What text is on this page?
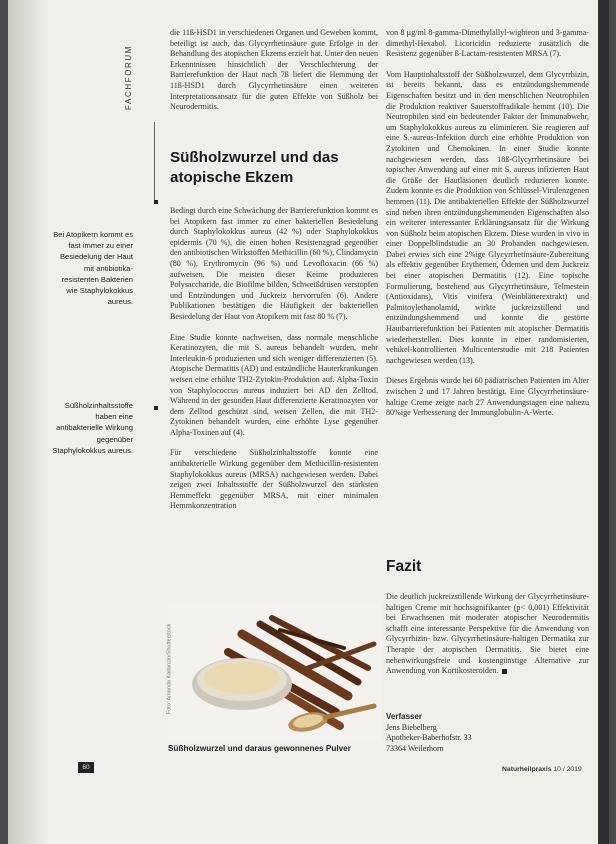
FACHFORUM
Bei Atopikern kommt es fast immer zu einer Besiedelung der Haut mit antibiotika-resistenten Bakterien wie Staphylokokkus aureus.
Süßholzinhaltsstoffe haben eine antibakterielle Wirkung gegenüber Staphylokokkus aureus.

die 11ß-HSD1 in verschiedenen Organen und Geweben kommt, beteiligt ist auch, das Glycyrrhetinsäure gute Erfolge in der Behandlung des atopischen Ekzems erzielt hat. Unter den neuen Erkenntnissen hinsichtlich der Verschlechterung der Barrierefunktion der Haut nach 7ß liefert die Hemmung der 11ß-HSD1 durch Glycyrrhetinsäure einen weiteren Interpretationsansatz für die guten Effekte von Süßholz bei Neurodermitis.

Süßholzwurzel und das atopische Ekzem

Bedingt durch eine Schwächung der Barrierefunktion kommt es bei Atopikern fast immer zu einer bakteriellen Besiedelung durch Staphylokokkus aureus (42 %) oder Staphylokokkus epidermis (70 %), die einen hohen Resistenzgrad gegenüber den antibiotischen Wirkstoffen Methicillin (60 %), Clindamycin (80 %), Erythromycin (96 %) und Levofloxacin (66 %) aufweisen. Die meisten dieser Keime produzieren Polysaccharide, die Biofilme bilden, Schweißdrüsen verstopfen und Entzündungen und Juckreiz hervorrufen (6). Andere Publikationen bestätigen die Häufigkeit der bakteriellen Besiedelung der Haut von Atopikern mit fast 80 % (7).

Eine Studie konnte nachweisen, dass normale menschliche Keratinozyten, die mit S. aureus behandelt wurden, mehr Interleukin-6 produzierten und sich weniger differenzierten (5). Atopische Dermatitis (AD) und entzündliche Hauterkrankungen weisen eine erhöhte TH2-Zytokin-Produktion auf. Alpha-Toxin von Staphylococcus aureus induziert bei AD den Zelltod. Während in der gesunden Haut differenzierte Keratinozyten vor dem Zelltod geschützt sind, weisen Zellen, die mit TH2-Zytokinen behandelt wurden, eine erhöhte Lyse gegenüber Alpha-Toxinen auf (4).

Für verschiedene Süßholzinhaltsstoffe konnte eine antibakterielle Wirkung gegenüber dem Methicillin-resistenten Staphylokokkus aureus (MRSA) nachgewiesen werden. Dabei zeigen zwei Inhaltsstoffe der Süßholzwurzel den stärksten Hemmeffekt gegenüber MRSA, mit einer minimalen Hemmkonzentration

Foto: Amanda Kaitanzin/Shutterstock
Süßholzwurzel und daraus gewonnenes Pulver

von 8 µg/ml 8-gamma-Dimethylallyl-wighteon und 3-gamma-dimethyl-Hexabol. Licoricidin reduzierte zusätzlich die Resistenz gegenüber ß-Lactam-resistenten MRSA (7).

Vom Hauptinhaltsstoff der Süßholzwurzel, dem Glycyrrhizin, ist bereits bekannt, dass es entzündungshemmende Eigenschaften besitzt und in den menschlichen Neutrophilen die Produktion reaktiver Sauerstoffradikale hemmt (10). Die Neutrophilen sind ein bedeutender Faktor der Immunabwehr, um Staphylokokkus aureus zu eliminieren. Sie reagieren auf eine S.-aureus-Infektion durch eine erhöhte Produktion von Zytokinen und Chemokinen. In einer Studie konnte nachgewiesen werden, dass 18ß-Glycyrrhetinsäure bei topischer Anwendung auf einer mit S. aureus infizierten Haut die Größe der Hautläsionen deutlich reduzieren konnte. Zudem konnte es die Produktion von Schlüssel-Virulenzgenen hemmen (11). Die antibakteriellen Effekte der Süßholzwurzel sind neben ihren entzündungshemmenden Eigenschaften also ein weiterer interessanter Erklärungsansatz für die Wirkung von Süßholz beim atopischen Ekzem. Diese wurden in vivo in einer Doppelblindstudie an 30 Probanden nachgewiesen. Dabei erwies sich eine 2%ige Glycyrrhetinsäure-Zubereitung als effektiv gegenüber Erythemen, Ödemen und dem Juckreiz bei einer atopischen Dermatitis (12). Eine topische Formulierung, bestehend aus Glycyrrhetinsäure, Telmestein (Antioxidans), Vitis vinifera (Weinblätterextrakt) und Palmitoylethanolamid, wirkte juckreizstillend und entzündungshemmend und konnte die gestörte Hautbarrierefunktion bei Patienten mit atopischer Dermatitis wiederherstellen. Dies konnte in einer randomisierten, vehikel-kontrollierten Multicenterstudie mit 218 Patienten nachgewiesen werden (13).

Dieses Ergebnis wurde bei 60 pädiatrischen Patienten im Alter zwischen 2 und 17 Jahren bestätigt. Eine Glycyrrhetinsäure-haltige Creme zeigte nach 27 Anwendungstagen eine nahezu 80%ige Verbesserung der Immunglobulin-A-Werte.

Fazit

Die deutlich juckreizstillende Wirkung der Glycyrrhetinsäure-haltigen Creme mit hochsignifikanter (p< 0,001) Effektivität bei Erwachsenen mit moderater atopischer Neurodermitis schafft eine interessante Perspektive für die Anwendung von Glycyrrhizin- bzw. Glycyrrhetinsäure-haltigen Dermatika zur Therapie der atopischen Dermatitis. Sie bietet eine nebenwirkungsfreie und kostengünstige Alternative zur Anwendung von Kortikosteroiden.

Verfasser
Jens Biebelberg
Apotheker-Baberhofstr. 33
73364 Weilerhorn
60	Naturheilpraxis 10 / 2019
